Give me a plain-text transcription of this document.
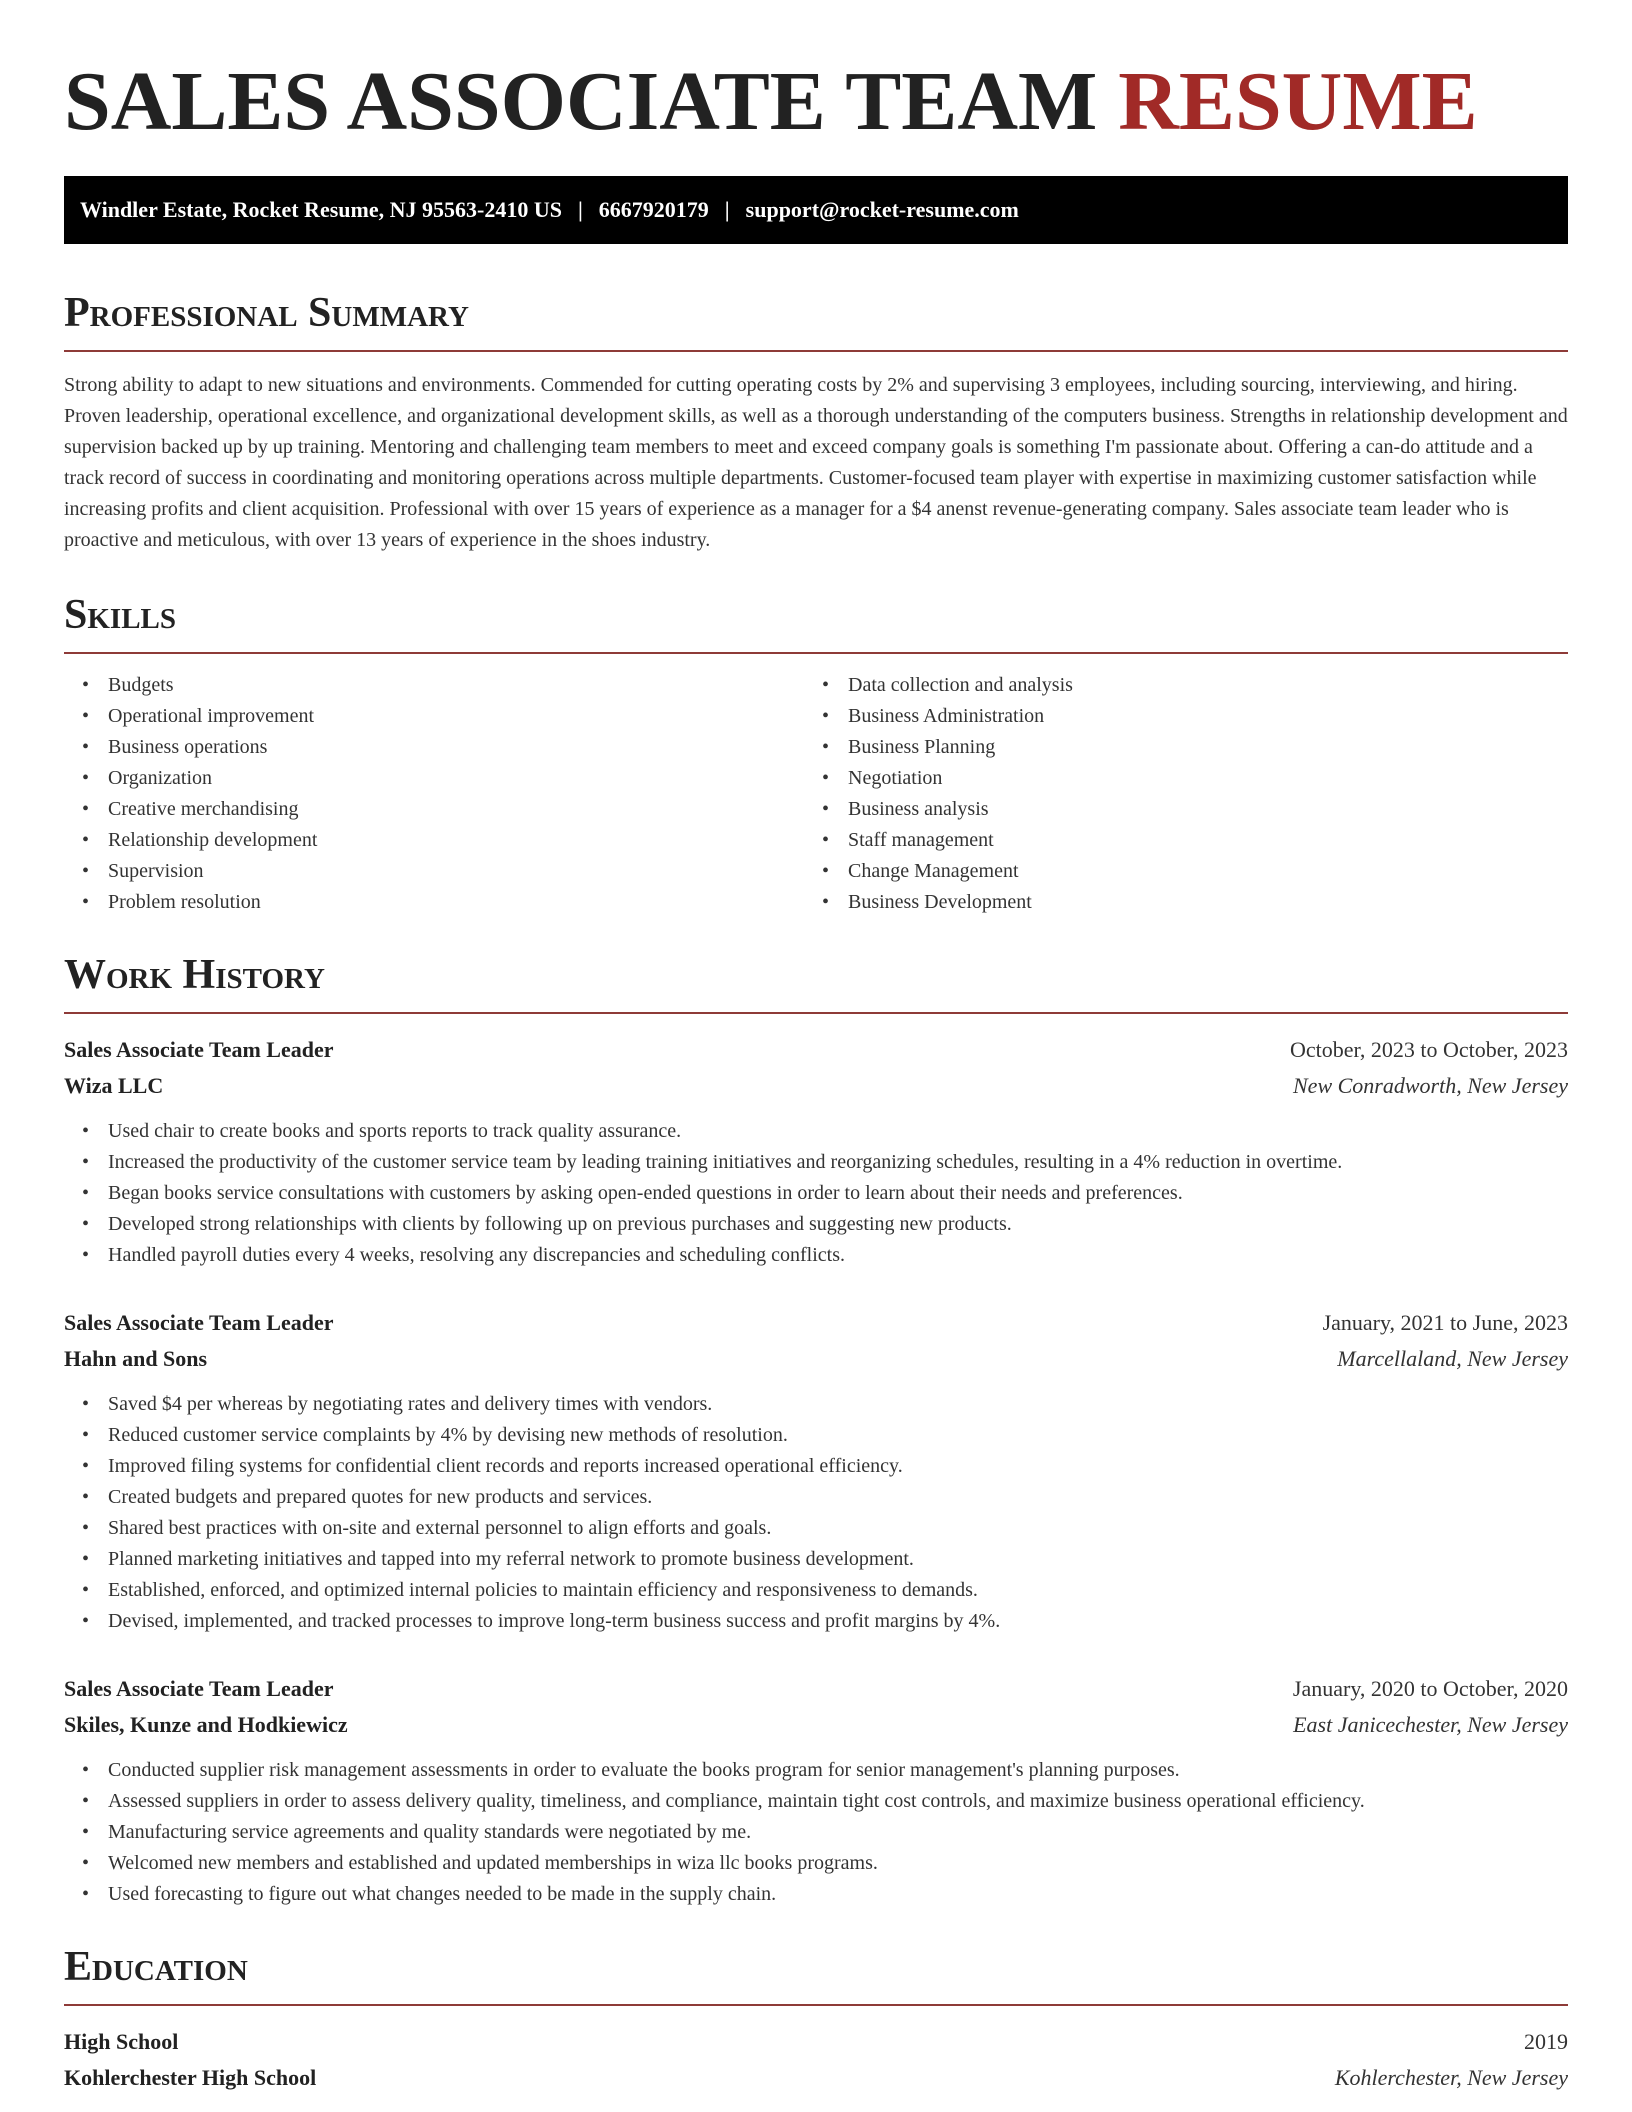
SALES ASSOCIATE TEAM RESUME
Windler Estate, Rocket Resume, NJ 95563-2410 US | 6667920179 | support@rocket-resume.com
Professional Summary

Strong ability to adapt to new situations and environments. Commended for cutting operating costs by 2% and supervising 3 employees, including sourcing, interviewing, and hiring. Proven leadership, operational excellence, and organizational development skills, as well as a thorough understanding of the computers business. Strengths in relationship development and supervision backed up by up training. Mentoring and challenging team members to meet and exceed company goals is something I'm passionate about. Offering a can-do attitude and a track record of success in coordinating and monitoring operations across multiple departments. Customer-focused team player with expertise in maximizing customer satisfaction while increasing profits and client acquisition. Professional with over 15 years of experience as a manager for a $4 anenst revenue-generating company. Sales associate team leader who is proactive and meticulous, with over 13 years of experience in the shoes industry.

Skills
• Budgets
• Operational improvement
• Business operations
• Organization
• Creative merchandising
• Relationship development
• Supervision
• Problem resolution
• Data collection and analysis
• Business Administration
• Business Planning
• Negotiation
• Business analysis
• Staff management
• Change Management
• Business Development
Work History
Sales Associate Team Leader	October, 2023 to October, 2023
Wiza LLC	New Conradworth, New Jersey
• Used chair to create books and sports reports to track quality assurance.
• Increased the productivity of the customer service team by leading training initiatives and reorganizing schedules, resulting in a 4% reduction in overtime.
• Began books service consultations with customers by asking open-ended questions in order to learn about their needs and preferences.
• Developed strong relationships with clients by following up on previous purchases and suggesting new products.
• Handled payroll duties every 4 weeks, resolving any discrepancies and scheduling conflicts.
Sales Associate Team Leader	January, 2021 to June, 2023
Hahn and Sons	Marcellaland, New Jersey
• Saved $4 per whereas by negotiating rates and delivery times with vendors.
• Reduced customer service complaints by 4% by devising new methods of resolution.
• Improved filing systems for confidential client records and reports increased operational efficiency.
• Created budgets and prepared quotes for new products and services.
• Shared best practices with on-site and external personnel to align efforts and goals.
• Planned marketing initiatives and tapped into my referral network to promote business development.
• Established, enforced, and optimized internal policies to maintain efficiency and responsiveness to demands.
• Devised, implemented, and tracked processes to improve long-term business success and profit margins by 4%.
Sales Associate Team Leader	January, 2020 to October, 2020
Skiles, Kunze and Hodkiewicz	East Janicechester, New Jersey
• Conducted supplier risk management assessments in order to evaluate the books program for senior management's planning purposes.
• Assessed suppliers in order to assess delivery quality, timeliness, and compliance, maintain tight cost controls, and maximize business operational efficiency.
• Manufacturing service agreements and quality standards were negotiated by me.
• Welcomed new members and established and updated memberships in wiza llc books programs.
• Used forecasting to figure out what changes needed to be made in the supply chain.
Education
High School	2019
Kohlerchester High School	Kohlerchester, New Jersey
